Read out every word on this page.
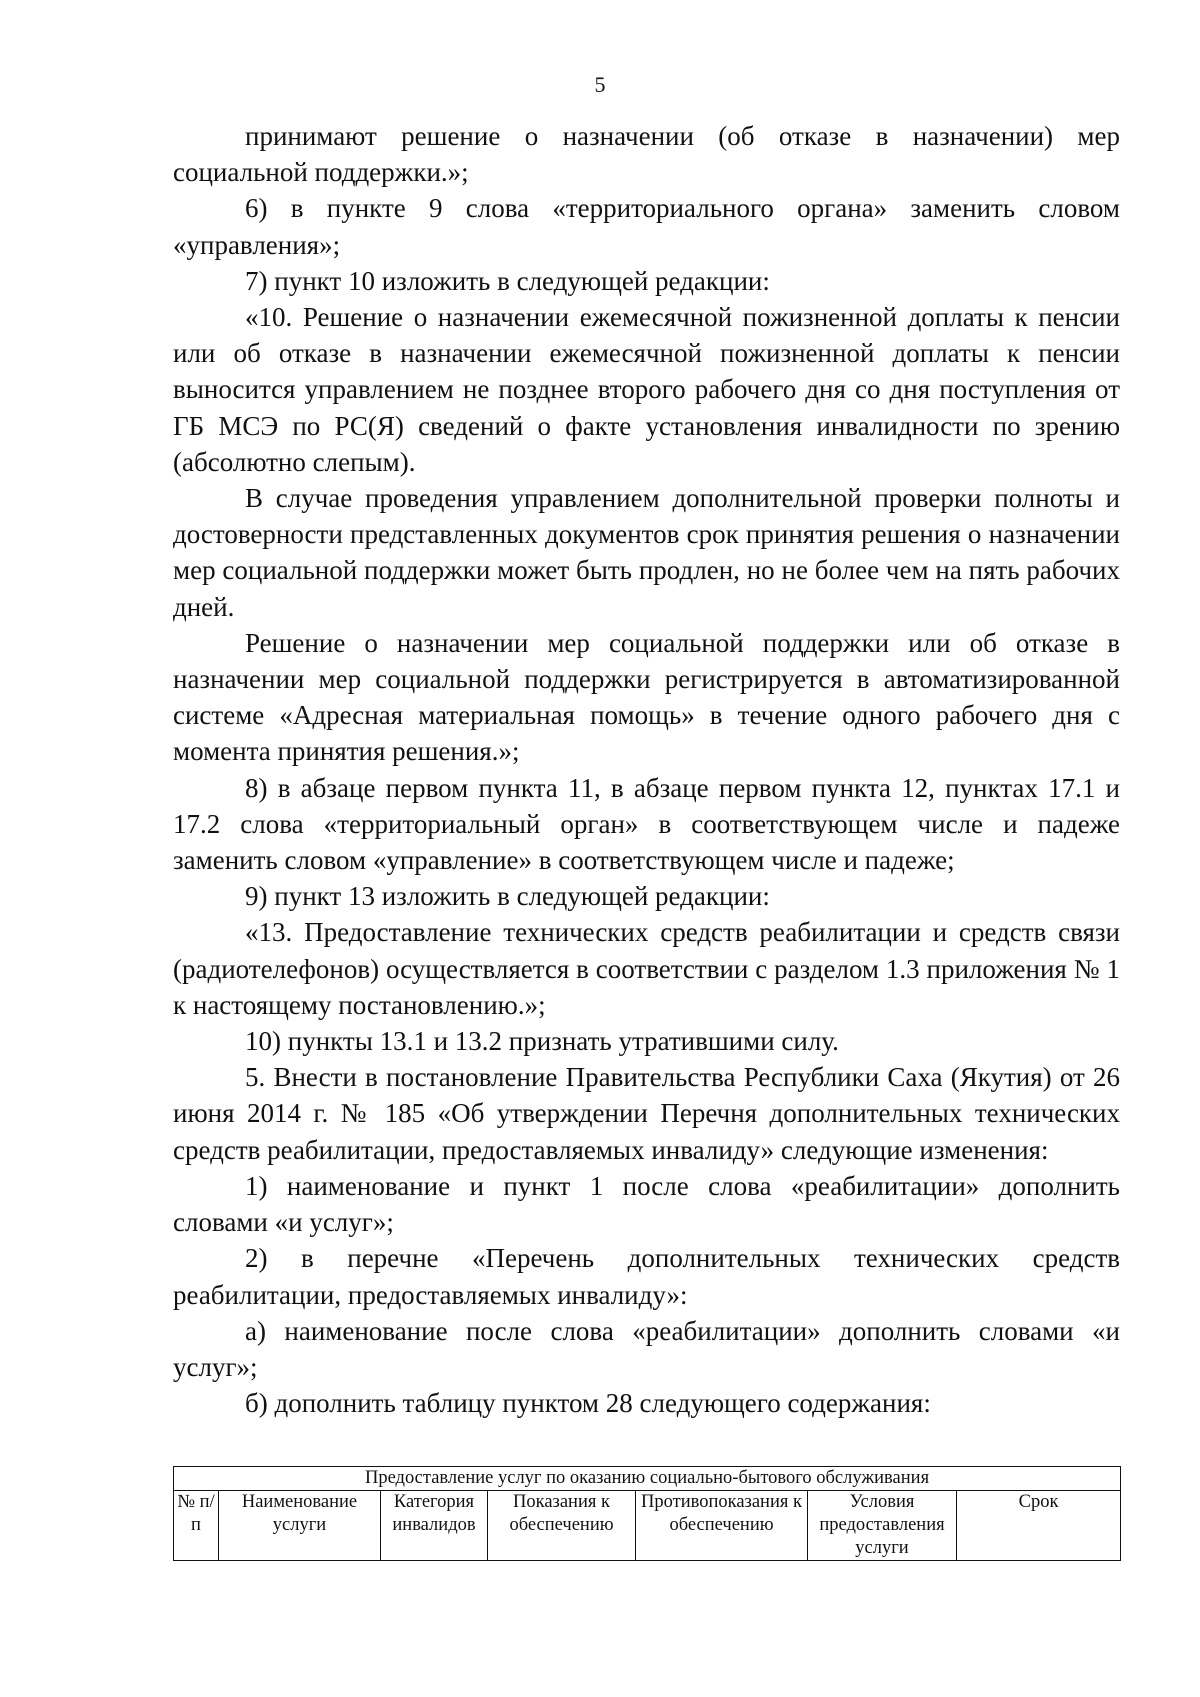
5

принимают решение о назначении (об отказе в назначении) мер социальной поддержки.»;

6) в пункте 9 слова «территориального органа» заменить словом «управления»;

7) пункт 10 изложить в следующей редакции:

«10. Решение о назначении ежемесячной пожизненной доплаты к пенсии или об отказе в назначении ежемесячной пожизненной доплаты к пенсии выносится управлением не позднее второго рабочего дня со дня поступления от ГБ МСЭ по РС(Я) сведений о факте установления инвалидности по зрению (абсолютно слепым).

В случае проведения управлением дополнительной проверки полноты и достоверности представленных документов срок принятия решения о назначении мер социальной поддержки может быть продлен, но не более чем на пять рабочих дней.

Решение о назначении мер социальной поддержки или об отказе в назначении мер социальной поддержки регистрируется в автоматизированной системе «Адресная материальная помощь» в течение одного рабочего дня с момента принятия решения.»;

8) в абзаце первом пункта 11, в абзаце первом пункта 12, пунктах 17.1 и 17.2 слова «территориальный орган» в соответствующем числе и падеже заменить словом «управление» в соответствующем числе и падеже;

9) пункт 13 изложить в следующей редакции:

«13. Предоставление технических средств реабилитации и средств связи (радиотелефонов) осуществляется в соответствии с разделом 1.3 приложения № 1 к настоящему постановлению.»;

10) пункты 13.1 и 13.2 признать утратившими силу.

5. Внести в постановление Правительства Республики Саха (Якутия) от 26 июня 2014 г. № 185 «Об утверждении Перечня дополнительных технических средств реабилитации, предоставляемых инвалиду» следующие изменения:

1) наименование и пункт 1 после слова «реабилитации» дополнить словами «и услуг»;

2) в перечне «Перечень дополнительных технических средств реабилитации, предоставляемых инвалиду»:

а) наименование после слова «реабилитации» дополнить словами «и услуг»;

б) дополнить таблицу пунктом 28 следующего содержания:

Предоставление услуг по оказанию социально-бытового обслуживания
№ п/п	Наименование услуги	Категория инвалидов	Показания к обеспечению	Противопоказания к обеспечению	Условия предоставления услуги	Срок
